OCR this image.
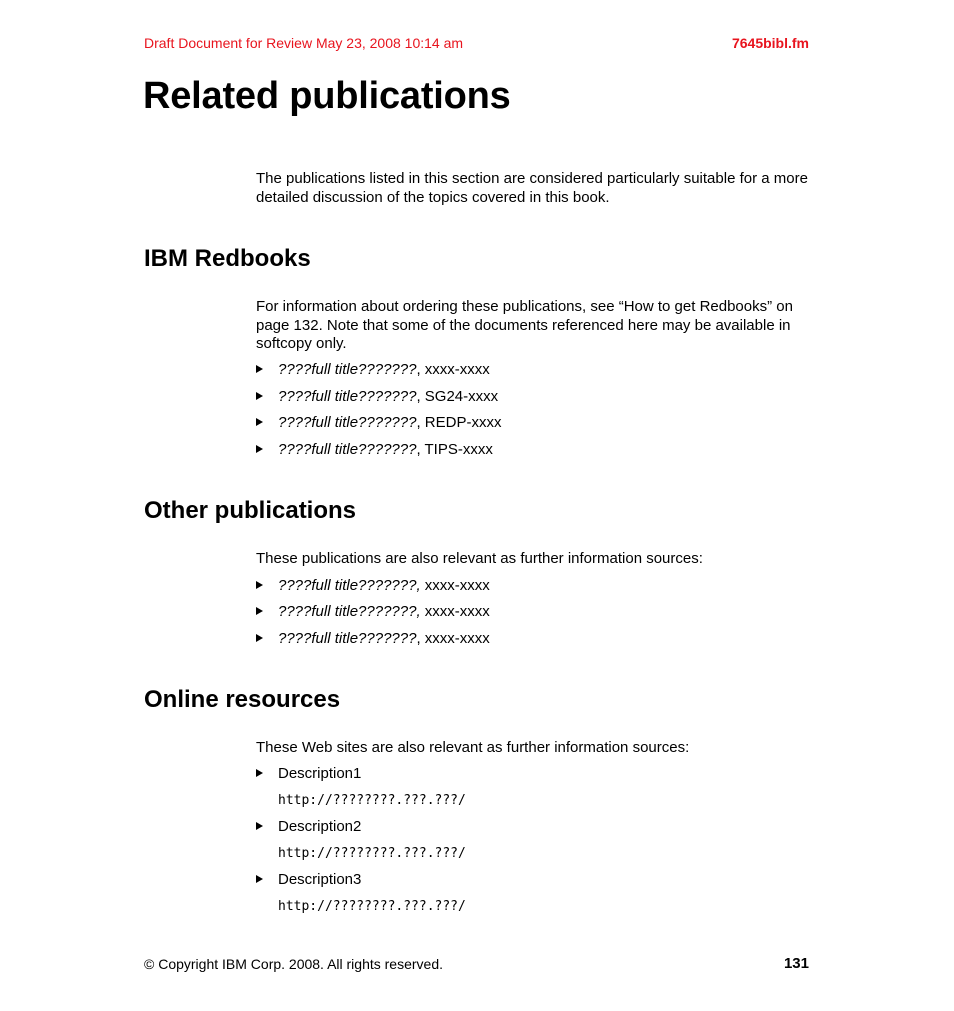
Draft Document for Review May 23, 2008 10:14 am	7645bibl.fm
Related publications
The publications listed in this section are considered particularly suitable for a more detailed discussion of the topics covered in this book.
IBM Redbooks
For information about ordering these publications, see “How to get Redbooks” on page 132. Note that some of the documents referenced here may be available in softcopy only.
????full title???????, xxxx-xxxx
????full title???????, SG24-xxxx
????full title???????, REDP-xxxx
????full title???????, TIPS-xxxx
Other publications
These publications are also relevant as further information sources:
????full title???????, xxxx-xxxx
????full title???????, xxxx-xxxx
????full title???????, xxxx-xxxx
Online resources
These Web sites are also relevant as further information sources:
Description1
http://????????.???.???/
Description2
http://????????.???.???/
Description3
http://????????.???.???/
© Copyright IBM Corp. 2008. All rights reserved.	131
